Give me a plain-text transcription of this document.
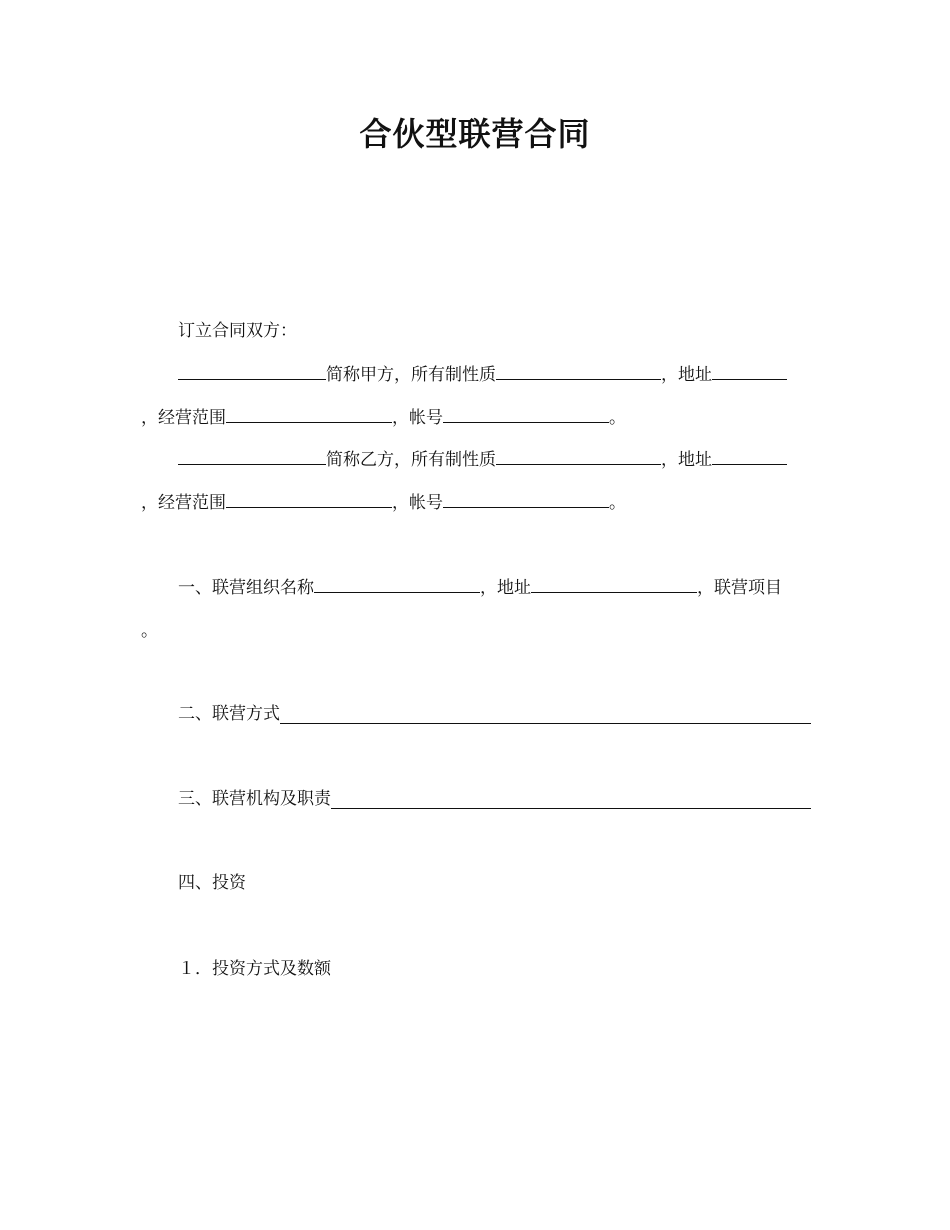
合伙型联营合同
订立合同双方：
简称甲方，所有制性质	，地址
，经营范围	，帐号	。
简称乙方，所有制性质	，地址
，经营范围	，帐号	。
一、联营组织名称	，地址	，联营项目
。
二、联营方式
三、联营机构及职责
四、投资
１．投资方式及数额
